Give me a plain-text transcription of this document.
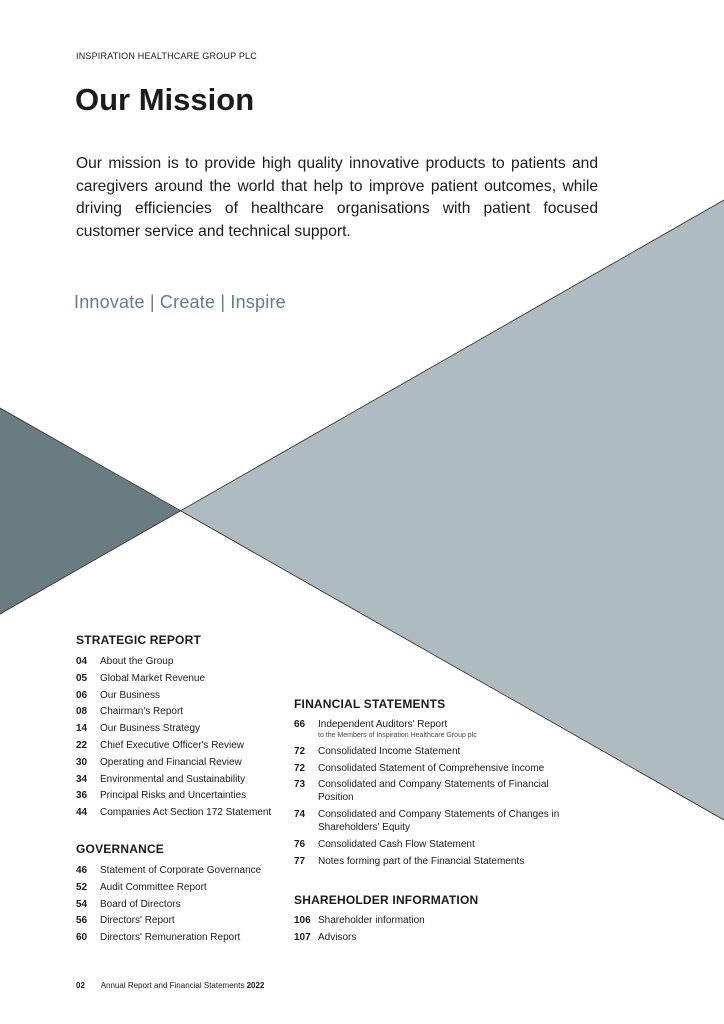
INSPIRATION HEALTHCARE GROUP PLC
Our Mission

Our mission is to provide high quality innovative products to patients and caregivers around the world that help to improve patient outcomes, while driving efficiencies of healthcare organisations with patient focused customer service and technical support.

Innovate | Create | Inspire
STRATEGIC REPORT
04	About the Group
05	Global Market Revenue
06	Our Business
08	Chairman's Report
14	Our Business Strategy
22	Chief Executive Officer's Review
30	Operating and Financial Review
34	Environmental and Sustainability
36	Principal Risks and Uncertainties
44	Companies Act Section 172 Statement
GOVERNANCE
46	Statement of Corporate Governance
52	Audit Committee Report
54	Board of Directors
56	Directors' Report
60	Directors' Remuneration Report
FINANCIAL STATEMENTS
66	Independent Auditors' Report
to the Members of Inspiration Healthcare Group plc
72	Consolidated Income Statement
72	Consolidated Statement of Comprehensive Income
73	Consolidated and Company Statements of Financial Position
74	Consolidated and Company Statements of Changes in Shareholders' Equity
76	Consolidated Cash Flow Statement
77	Notes forming part of the Financial Statements
SHAREHOLDER INFORMATION
106 Shareholder information
107 Advisors
02 Annual Report and Financial Statements 2022
